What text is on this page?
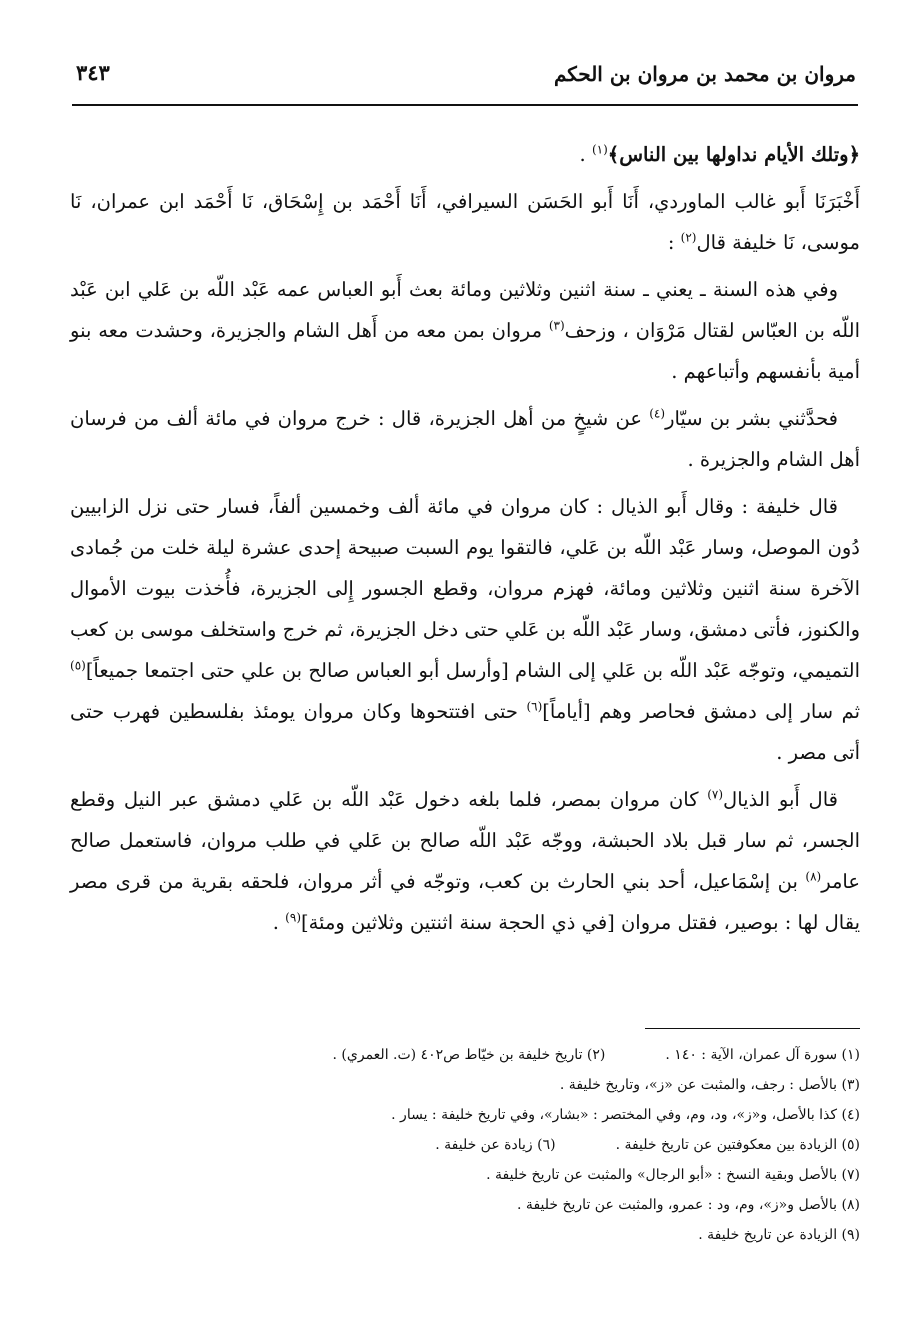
مروان بن محمد بن مروان بن الحكم
٣٤٣

﴿وتلك الأيام نداولها بين الناس﴾$^{(١)}$ .

أَخْبَرَنَا أَبو غالب الماوردي، أَنَا أَبو الحَسَن السيرافي، أَنَا أَحْمَد بن إِسْحَاق، نَا أَحْمَد ابن عمران، نَا موسى، نَا خليفة قال$^{(٢)}$ :

وفي هذه السنة ـ يعني ـ سنة اثنين وثلاثين ومائة بعث أَبو العباس عمه عَبْد اللّه بن عَلي ابن عَبْد اللّه بن العبّاس لقتال مَرْوَان ، وزحف$^{(٣)}$ مروان بمن معه من أَهل الشام والجزيرة، وحشدت معه بنو أمية بأنفسهم وأتباعهم .

فحدَّثني بشر بن سيّار$^{(٤)}$ عن شيخٍ من أهل الجزيرة، قال : خرج مروان في مائة ألف من فرسان أهل الشام والجزيرة .

قال خليفة : وقال أَبو الذيال : كان مروان في مائة ألف وخمسين ألفاً، فسار حتى نزل الزابيين دُون الموصل، وسار عَبْد اللّه بن عَلي، فالتقوا يوم السبت صبيحة إحدى عشرة ليلة خلت من جُمادى الآخرة سنة اثنين وثلاثين ومائة، فهزم مروان، وقطع الجسور إِلى الجزيرة، فأُخذت بيوت الأموال والكنوز، فأتى دمشق، وسار عَبْد اللّه بن عَلي حتى دخل الجزيرة، ثم خرج واستخلف موسى بن كعب التميمي، وتوجّه عَبْد اللّه بن عَلي إلى الشام [وأرسل أبو العباس صالح بن علي حتى اجتمعا جميعاً]$^{(٥)}$ ثم سار إلى دمشق فحاصر وهم [أياماً]$^{(٦)}$ حتى افتتحوها وكان مروان يومئذ بفلسطين فهرب حتى أتى مصر .

قال أَبو الذيال$^{(٧)}$ كان مروان بمصر، فلما بلغه دخول عَبْد اللّه بن عَلي دمشق عبر النيل وقطع الجسر، ثم سار قبل بلاد الحبشة، ووجّه عَبْد اللّه صالح بن عَلي في طلب مروان، فاستعمل صالح عامر$^{(٨)}$ بن إسْمَاعيل، أحد بني الحارث بن كعب، وتوجّه في أثر مروان، فلحقه بقرية من قرى مصر يقال لها : بوصير، فقتل مروان [في ذي الحجة سنة اثنتين وثلاثين ومئة]$^{(٩)}$ .

(١) سورة آل عمران، الآية : ١٤٠ .
(٢) تاريخ خليفة بن خيّاط ص٤٠٢ (ت. العمري) .
(٣) بالأصل : رجف، والمثبت عن «ز»، وتاريخ خليفة .
(٤) كذا بالأصل، و«ز»، ود، وم، وفي المختصر : «بشار»، وفي تاريخ خليفة : يسار .
(٥) الزيادة بين معكوفتين عن تاريخ خليفة .
(٦) زيادة عن خليفة .
(٧) بالأصل وبقية النسخ : «أبو الرجال» والمثبت عن تاريخ خليفة .
(٨) بالأصل و«ز»، وم، ود : عمرو، والمثبت عن تاريخ خليفة .
(٩) الزيادة عن تاريخ خليفة .
